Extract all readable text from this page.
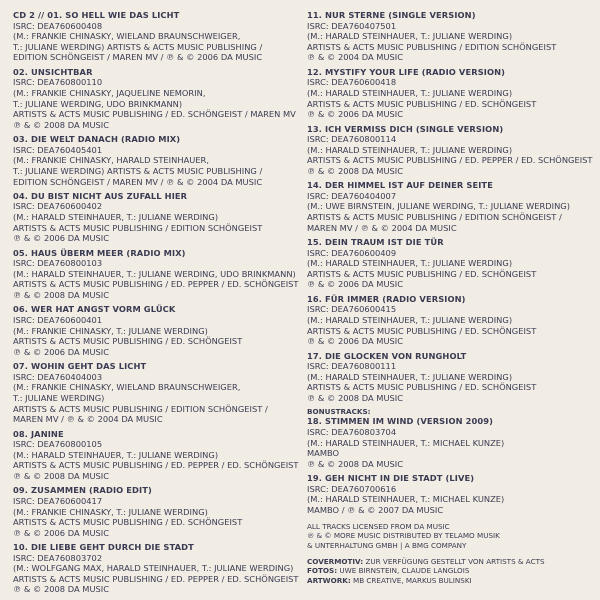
CD 2 // 01. SO HELL WIE DAS LICHT
ISRC: DEA760600408
(M.: FRANKIE CHINASKY, WIELAND BRAUNSCHWEIGER,
T.: JULIANE WERDING) ARTISTS & ACTS MUSIC PUBLISHING /
EDITION SCHÖNGEIST / MAREN MV / ℗ & © 2006 DA MUSIC
02. UNSICHTBAR
ISRC: DEA760800110
(M.: FRANKIE CHINASKY, JAQUELINE NEMORIN,
T.: JULIANE WERDING, UDO BRINKMANN)
ARTISTS & ACTS MUSIC PUBLISHING / ED. SCHÖNGEIST / MAREN MV
℗ & © 2008 DA MUSIC
03. DIE WELT DANACH (RADIO MIX)
ISRC: DEA760405401
(M.: FRANKIE CHINASKY, HARALD STEINHAUER,
T.: JULIANE WERDING) ARTISTS & ACTS MUSIC PUBLISHING /
EDITION SCHÖNGEIST / MAREN MV / ℗ & © 2004 DA MUSIC
04. DU BIST NICHT AUS ZUFALL HIER
ISRC: DEA760600402
(M.: HARALD STEINHAUER, T.: JULIANE WERDING)
ARTISTS & ACTS MUSIC PUBLISHING / EDITION SCHÖNGEIST
℗ & © 2006 DA MUSIC
05. HAUS ÜBERM MEER (RADIO MIX)
ISRC: DEA760800103
(M.: HARALD STEINHAUER, T.: JULIANE WERDING, UDO BRINKMANN)
ARTISTS & ACTS MUSIC PUBLISHING / ED. PEPPER / ED. SCHÖNGEIST
℗ & © 2008 DA MUSIC
06. WER HAT ANGST VORM GLÜCK
ISRC: DEA760600401
(M.: FRANKIE CHINASKY, T.: JULIANE WERDING)
ARTISTS & ACTS MUSIC PUBLISHING / ED. SCHÖNGEIST
℗ & © 2006 DA MUSIC
07. WOHIN GEHT DAS LICHT
ISRC: DEA760404003
(M.: FRANKIE CHINASKY, WIELAND BRAUNSCHWEIGER,
T.: JULIANE WERDING)
ARTISTS & ACTS MUSIC PUBLISHING / EDITION SCHÖNGEIST /
MAREN MV / ℗ & © 2004 DA MUSIC
08. JANINE
ISRC: DEA760800105
(M.: HARALD STEINHAUER, T.: JULIANE WERDING)
ARTISTS & ACTS MUSIC PUBLISHING / ED. PEPPER / ED. SCHÖNGEIST
℗ & © 2008 DA MUSIC
09. ZUSAMMEN (RADIO EDIT)
ISRC: DEA760600417
(M.: FRANKIE CHINASKY, T.: JULIANE WERDING)
ARTISTS & ACTS MUSIC PUBLISHING / ED. SCHÖNGEIST
℗ & © 2006 DA MUSIC
10. DIE LIEBE GEHT DURCH DIE STADT
ISRC: DEA760803702
(M.: WOLFGANG MAX, HARALD STEINHAUER, T.: JULIANE WERDING)
ARTISTS & ACTS MUSIC PUBLISHING / ED. PEPPER / ED. SCHÖNGEIST
℗ & © 2008 DA MUSIC
11. NUR STERNE (SINGLE VERSION)
ISRC: DEA760407501
(M.: HARALD STEINHAUER, T.: JULIANE WERDING)
ARTISTS & ACTS MUSIC PUBLISHING / EDITION SCHÖNGEIST
℗ & © 2004 DA MUSIC
12. MYSTIFY YOUR LIFE (RADIO VERSION)
ISRC: DEA760600418
(M.: HARALD STEINHAUER, T.: JULIANE WERDING)
ARTISTS & ACTS MUSIC PUBLISHING / ED. SCHÖNGEIST
℗ & © 2006 DA MUSIC
13. ICH VERMISS DICH (SINGLE VERSION)
ISRC: DEA760800114
(M.: HARALD STEINHAUER, T.: JULIANE WERDING)
ARTISTS & ACTS MUSIC PUBLISHING / ED. PEPPER / ED. SCHÖNGEIST
℗ & © 2008 DA MUSIC
14. DER HIMMEL IST AUF DEINER SEITE
ISRC: DEA760404007
(M.: UWE BIRNSTEIN, JULIANE WERDING, T.: JULIANE WERDING)
ARTISTS & ACTS MUSIC PUBLISHING / EDITION SCHÖNGEIST /
MAREN MV / ℗ & © 2004 DA MUSIC
15. DEIN TRAUM IST DIE TÜR
ISRC: DEA760600409
(M.: HARALD STEINHAUER, T.: JULIANE WERDING)
ARTISTS & ACTS MUSIC PUBLISHING / ED. SCHÖNGEIST
℗ & © 2006 DA MUSIC
16. FÜR IMMER (RADIO VERSION)
ISRC: DEA760600415
(M.: HARALD STEINHAUER, T.: JULIANE WERDING)
ARTISTS & ACTS MUSIC PUBLISHING / ED. SCHÖNGEIST
℗ & © 2006 DA MUSIC
17. DIE GLOCKEN VON RUNGHOLT
ISRC: DEA760800111
(M.: HARALD STEINHAUER, T.: JULIANE WERDING)
ARTISTS & ACTS MUSIC PUBLISHING / ED. SCHÖNGEIST
℗ & © 2008 DA MUSIC
BONUSTRACKS:
18. STIMMEN IM WIND (VERSION 2009)
ISRC: DEA760803704
(M.: HARALD STEINHAUER, T.: MICHAEL KUNZE)
MAMBO
℗ & © 2008 DA MUSIC
19. GEH NICHT IN DIE STADT (LIVE)
ISRC: DEA760700616
(M.: HARALD STEINHAUER, T.: MICHAEL KUNZE)
MAMBO / ℗ & © 2007 DA MUSIC
ALL TRACKS LICENSED FROM DA MUSIC
℗ & © MORE MUSIC DISTRIBUTED BY TELAMO MUSIK
& UNTERHALTUNG GMBH | A BMG COMPANY
COVERMOTIV: ZUR VERFÜGUNG GESTELLT VON ARTISTS & ACTS
FOTOS: UWE BIRNSTEIN, CLAUDE LANGLOIS
ARTWORK: MB CREATIVE, MARKUS BULINSKI
